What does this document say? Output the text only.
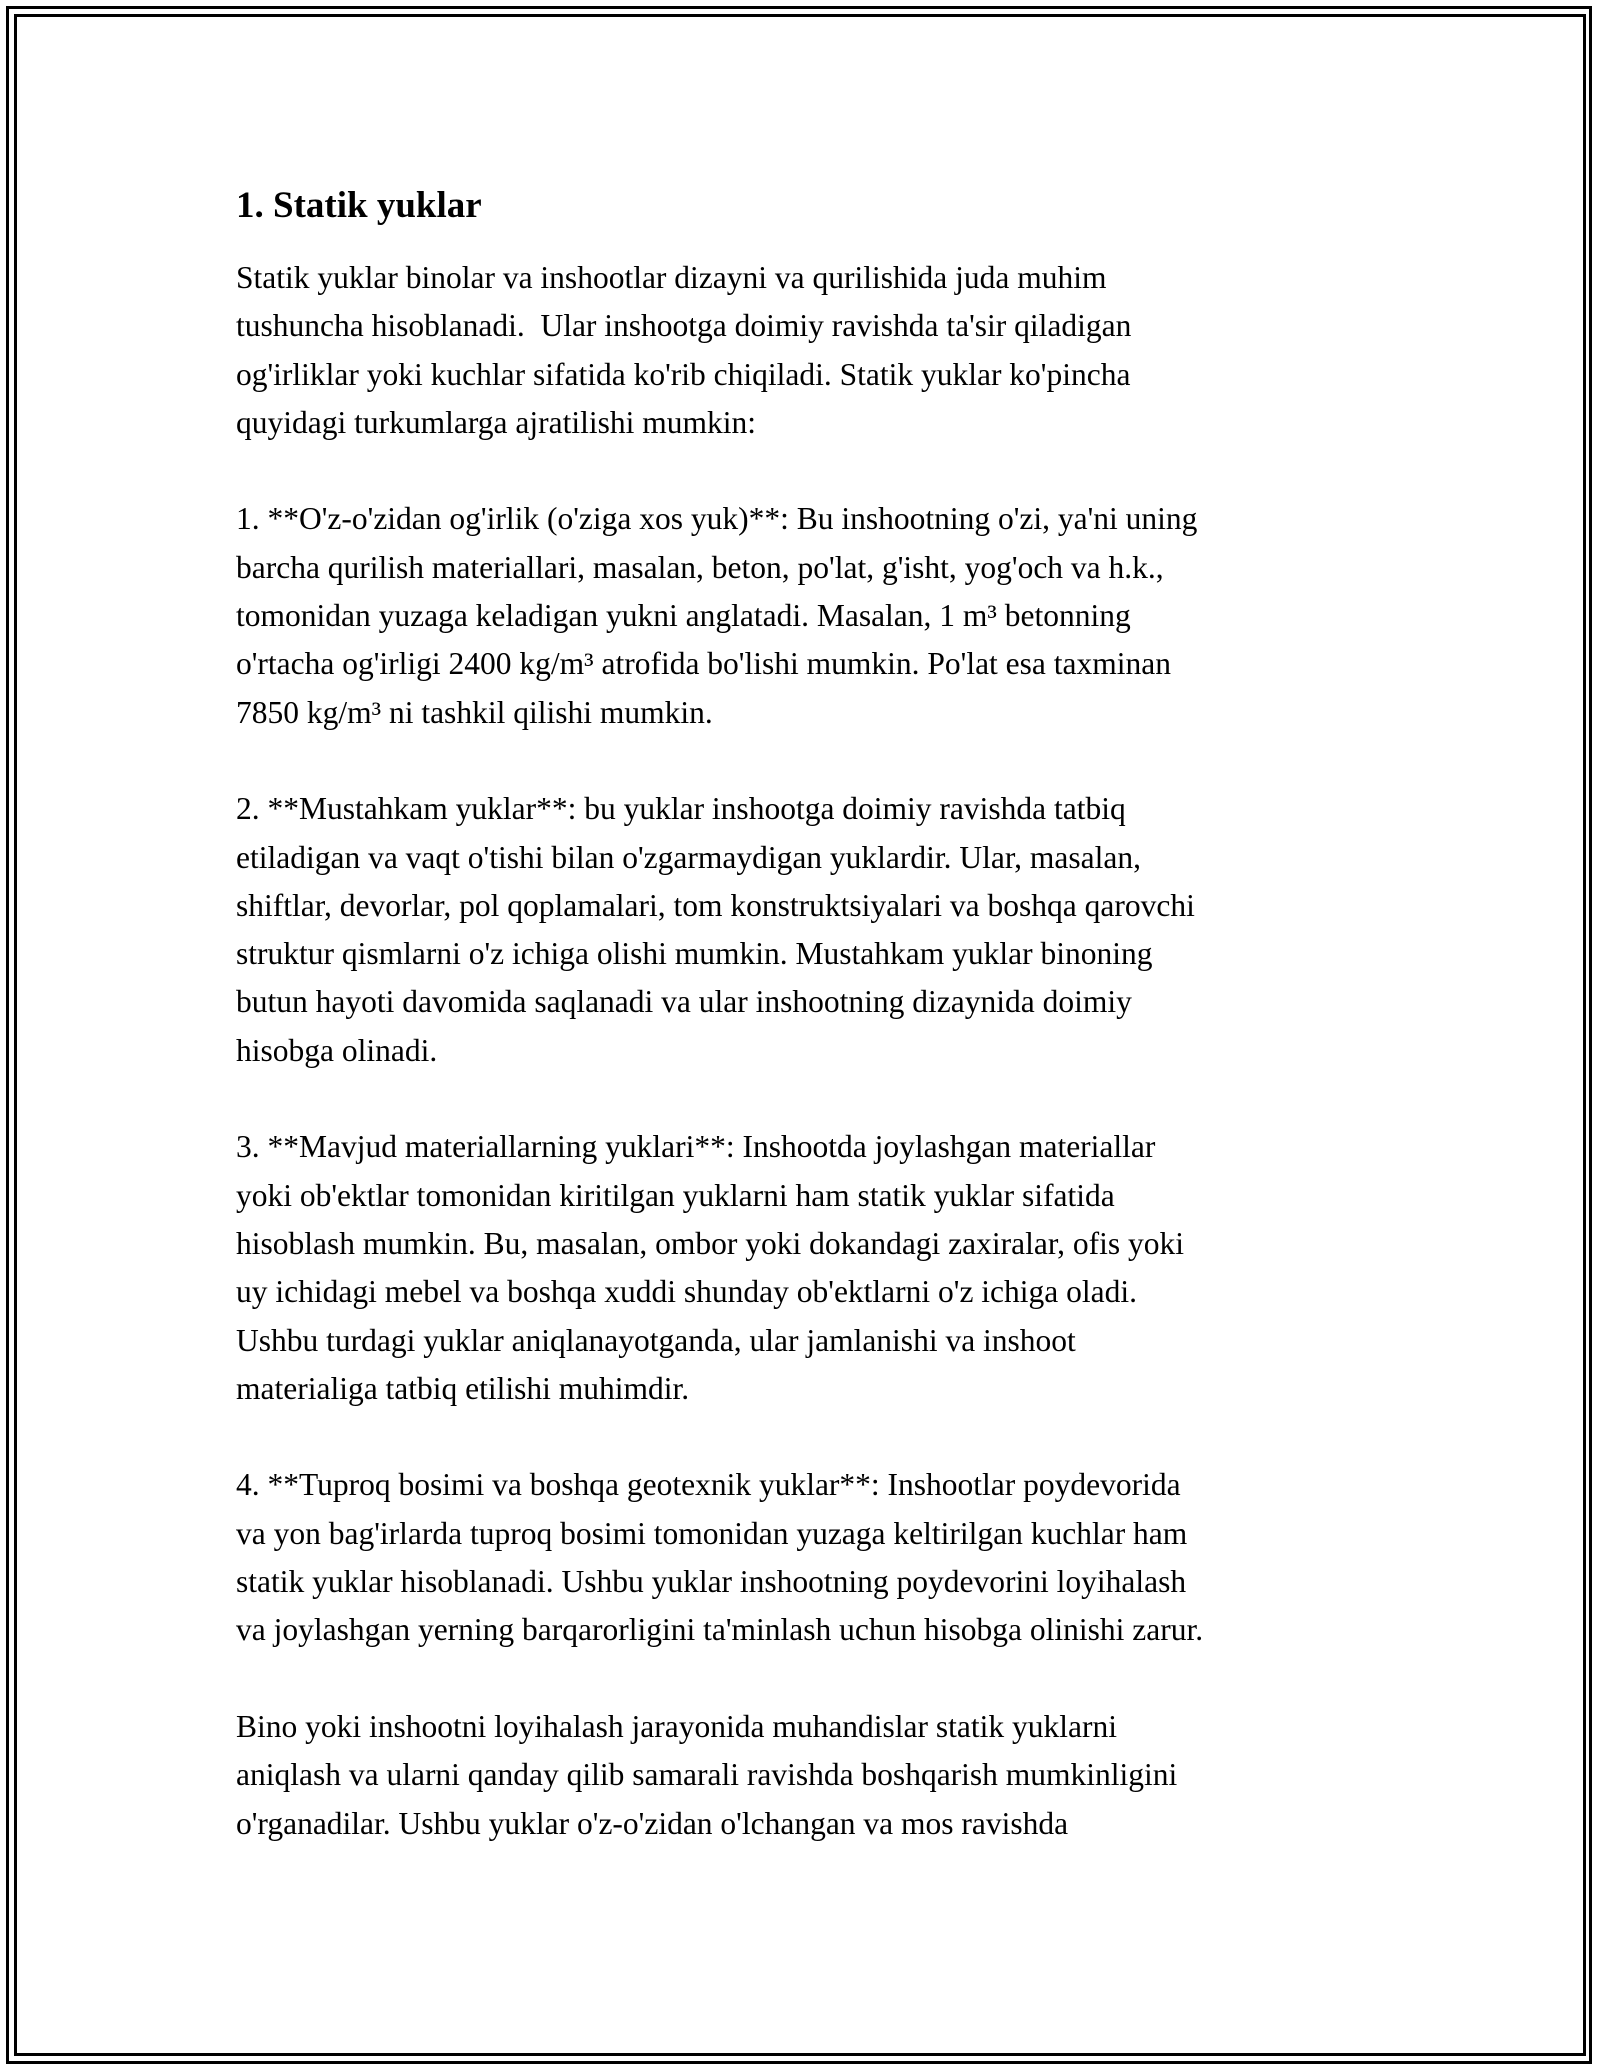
1. Statik yuklar
Statik yuklar binolar va inshootlar dizayni va qurilishida juda muhim
tushuncha hisoblanadi.  Ular inshootga doimiy ravishda ta'sir qiladigan
og'irliklar yoki kuchlar sifatida ko'rib chiqiladi. Statik yuklar ko'pincha
quyidagi turkumlarga ajratilishi mumkin:
1. **O'z-o'zidan og'irlik (o'ziga xos yuk)**: Bu inshootning o'zi, ya'ni uning
barcha qurilish materiallari, masalan, beton, po'lat, g'isht, yog'och va h.k.,
tomonidan yuzaga keladigan yukni anglatadi. Masalan, 1 m³ betonning
o'rtacha og'irligi 2400 kg/m³ atrofida bo'lishi mumkin. Po'lat esa taxminan
7850 kg/m³ ni tashkil qilishi mumkin.
2. **Mustahkam yuklar**: bu yuklar inshootga doimiy ravishda tatbiq
etiladigan va vaqt o'tishi bilan o'zgarmaydigan yuklardir. Ular, masalan,
shiftlar, devorlar, pol qoplamalari, tom konstruktsiyalari va boshqa qarovchi
struktur qismlarni o'z ichiga olishi mumkin. Mustahkam yuklar binoning
butun hayoti davomida saqlanadi va ular inshootning dizaynida doimiy
hisobga olinadi.
3. **Mavjud materiallarning yuklari**: Inshootda joylashgan materiallar
yoki ob'ektlar tomonidan kiritilgan yuklarni ham statik yuklar sifatida
hisoblash mumkin. Bu, masalan, ombor yoki dokandagi zaxiralar, ofis yoki
uy ichidagi mebel va boshqa xuddi shunday ob'ektlarni o'z ichiga oladi.
Ushbu turdagi yuklar aniqlanayotganda, ular jamlanishi va inshoot
materialiga tatbiq etilishi muhimdir.
4. **Tuproq bosimi va boshqa geotexnik yuklar**: Inshootlar poydevorida
va yon bag'irlarda tuproq bosimi tomonidan yuzaga keltirilgan kuchlar ham
statik yuklar hisoblanadi. Ushbu yuklar inshootning poydevorini loyihalash
va joylashgan yerning barqarorligini ta'minlash uchun hisobga olinishi zarur.
Bino yoki inshootni loyihalash jarayonida muhandislar statik yuklarni
aniqlash va ularni qanday qilib samarali ravishda boshqarish mumkinligini
o'rganadilar. Ushbu yuklar o'z-o'zidan o'lchangan va mos ravishda
